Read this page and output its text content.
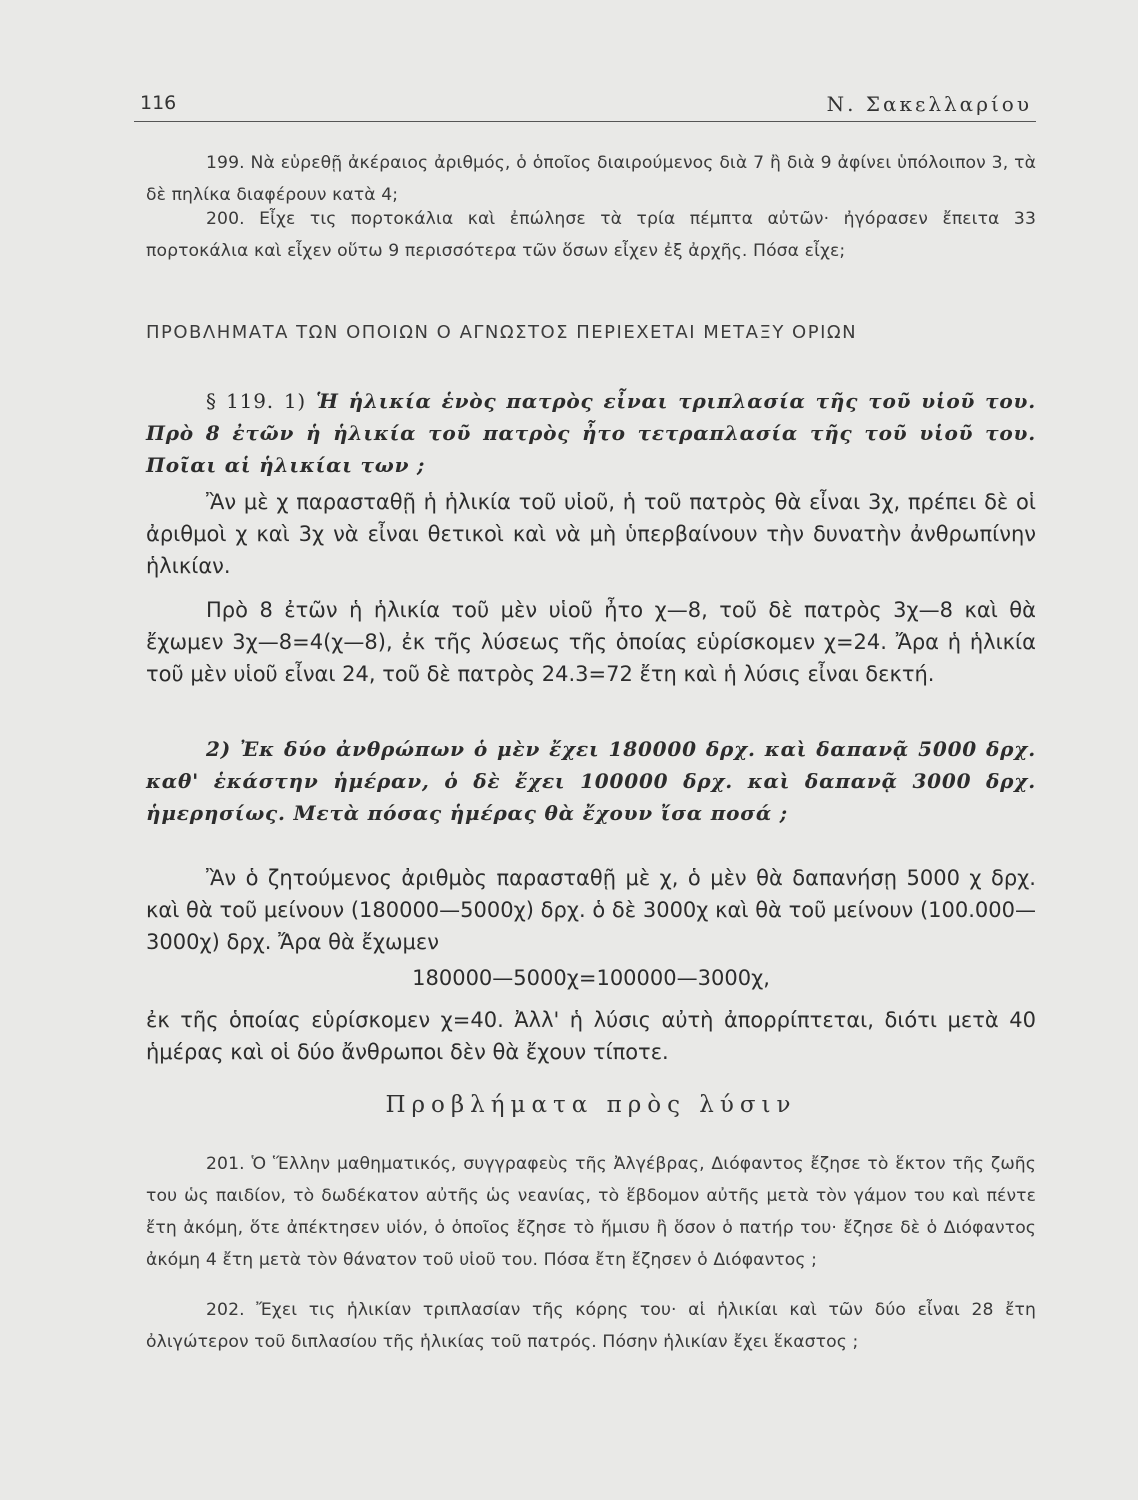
116	Ν. Σακελλαρίου
199. Νὰ εὑρεθῇ ἀκέραιος ἀριθμός, ὁ ὁποῖος διαιρούμενος διὰ 7 ἢ διὰ 9 ἀφίνει ὑπόλοιπον 3, τὰ δὲ πηλίκα διαφέρουν κατὰ 4;
200. Εἶχε τις πορτοκάλια καὶ ἐπώλησε τὰ τρία πέμπτα αὐτῶν· ἠγόρασεν ἔπειτα 33 πορτοκάλια καὶ εἶχεν οὕτω 9 περισσότερα τῶν ὅσων εἶχεν ἐξ ἀρχῆς. Πόσα εἶχε;
ΠΡΟΒΛΗΜΑΤΑ ΤΩΝ ΟΠΟΙΩΝ Ο ΑΓΝΩΣΤΟΣ ΠΕΡΙΕΧΕΤΑΙ ΜΕΤΑΞΥ ΟΡΙΩΝ
§ 119. 1) Ἡ ἡλικία ἑνὸς πατρὸς εἶναι τριπλασία τῆς τοῦ υἱοῦ του. Πρὸ 8 ἐτῶν ἡ ἡλικία τοῦ πατρὸς ἦτο τετραπλασία τῆς τοῦ υἱοῦ του. Ποῖαι αἱ ἡλικίαι των ;
Ἂν μὲ χ παρασταθῇ ἡ ἡλικία τοῦ υἱοῦ, ἡ τοῦ πατρὸς θὰ εἶναι 3χ, πρέπει δὲ οἱ ἀριθμοὶ χ καὶ 3χ νὰ εἶναι θετικοὶ καὶ νὰ μὴ ὑπερβαίνουν τὴν δυνατὴν ἀνθρωπίνην ἡλικίαν.
Πρὸ 8 ἐτῶν ἡ ἡλικία τοῦ μὲν υἱοῦ ἦτο χ—8, τοῦ δὲ πατρὸς 3χ—8 καὶ θὰ ἔχωμεν 3χ—8=4(χ—8), ἐκ τῆς λύσεως τῆς ὁποίας εὑρίσκομεν χ=24. Ἄρα ἡ ἡλικία τοῦ μὲν υἱοῦ εἶναι 24, τοῦ δὲ πατρὸς 24.3=72 ἔτη καὶ ἡ λύσις εἶναι δεκτή.
2) Ἐκ δύο ἀνθρώπων ὁ μὲν ἔχει 180000 δρχ. καὶ δαπανᾷ 5000 δρχ. καθ' ἑκάστην ἡμέραν, ὁ δὲ ἔχει 100000 δρχ. καὶ δαπανᾷ 3000 δρχ. ἡμερησίως. Μετὰ πόσας ἡμέρας θὰ ἔχουν ἴσα ποσά ;
Ἂν ὁ ζητούμενος ἀριθμὸς παρασταθῇ μὲ χ, ὁ μὲν θὰ δαπανήσῃ 5000 χ δρχ. καὶ θὰ τοῦ μείνουν (180000—5000χ) δρχ. ὁ δὲ 3000χ καὶ θὰ τοῦ μείνουν (100.000—3000χ) δρχ. Ἄρα θὰ ἔχωμεν
180000—5000χ=100000—3000χ,
ἐκ τῆς ὁποίας εὑρίσκομεν χ=40. Ἀλλ' ἡ λύσις αὐτὴ ἀπορρίπτεται, διότι μετὰ 40 ἡμέρας καὶ οἱ δύο ἄνθρωποι δὲν θὰ ἔχουν τίποτε.
Προβλήματα πρὸς λύσιν
201. Ὁ Ἕλλην μαθηματικός, συγγραφεὺς τῆς Ἀλγέβρας, Διόφαντος ἔζησε τὸ ἕκτον τῆς ζωῆς του ὡς παιδίον, τὸ δωδέκατον αὐτῆς ὡς νεανίας, τὸ ἕβδομον αὐτῆς μετὰ τὸν γάμον του καὶ πέντε ἔτη ἀκόμη, ὅτε ἀπέκτησεν υἱόν, ὁ ὁποῖος ἔζησε τὸ ἥμισυ ἢ ὅσον ὁ πατήρ του· ἔζησε δὲ ὁ Διόφαντος ἀκόμη 4 ἔτη μετὰ τὸν θάνατον τοῦ υἱοῦ του. Πόσα ἔτη ἔζησεν ὁ Διόφαντος ;
202. Ἔχει τις ἡλικίαν τριπλασίαν τῆς κόρης του· αἱ ἡλικίαι καὶ τῶν δύο εἶναι 28 ἔτη ὀλιγώτερον τοῦ διπλασίου τῆς ἡλικίας τοῦ πατρός. Πόσην ἡλικίαν ἔχει ἕκαστος ;
